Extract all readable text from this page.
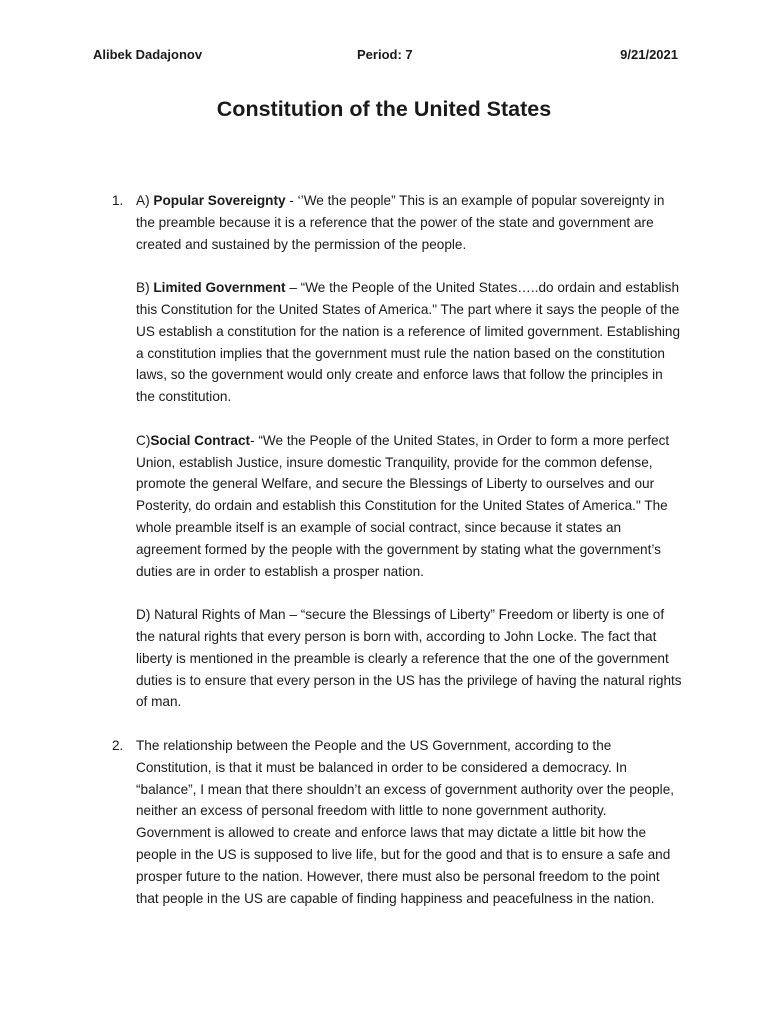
Alibek Dadajonov	Period: 7	9/21/2021
Constitution of the United States
1. A) Popular Sovereignty - ‘’We the people” This is an example of popular sovereignty in the preamble because it is a reference that the power of the state and government are created and sustained by the permission of the people.

B) Limited Government – “We the People of the United States…..do ordain and establish this Constitution for the United States of America." The part where it says the people of the US establish a constitution for the nation is a reference of limited government. Establishing a constitution implies that the government must rule the nation based on the constitution laws, so the government would only create and enforce laws that follow the principles in the constitution.

C)Social Contract- “We the People of the United States, in Order to form a more perfect Union, establish Justice, insure domestic Tranquility, provide for the common defense, promote the general Welfare, and secure the Blessings of Liberty to ourselves and our Posterity, do ordain and establish this Constitution for the United States of America." The whole preamble itself is an example of social contract, since because it states an agreement formed by the people with the government by stating what the government’s duties are in order to establish a prosper nation.

D) Natural Rights of Man – “secure the Blessings of Liberty” Freedom or liberty is one of the natural rights that every person is born with, according to John Locke. The fact that liberty is mentioned in the preamble is clearly a reference that the one of the government duties is to ensure that every person in the US has the privilege of having the natural rights of man.

2. The relationship between the People and the US Government, according to the Constitution, is that it must be balanced in order to be considered a democracy. In “balance”, I mean that there shouldn’t an excess of government authority over the people, neither an excess of personal freedom with little to none government authority. Government is allowed to create and enforce laws that may dictate a little bit how the people in the US is supposed to live life, but for the good and that is to ensure a safe and prosper future to the nation. However, there must also be personal freedom to the point that people in the US are capable of finding happiness and peacefulness in the nation.
